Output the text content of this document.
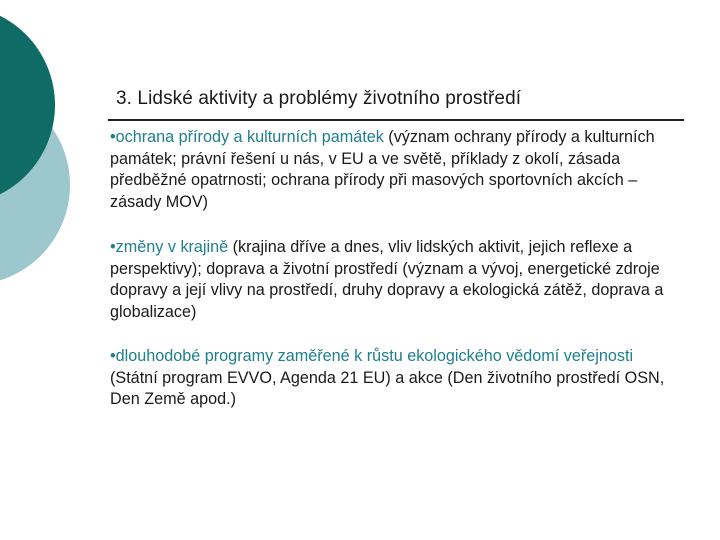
3. Lidské aktivity a problémy životního prostředí
•ochrana přírody a kulturních památek (význam ochrany přírody a kulturních památek; právní řešení u nás, v EU a ve světě, příklady z okolí, zásada předběžné opatrnosti; ochrana přírody při masových sportovních akcích – zásady MOV)
•změny v krajině (krajina dříve a dnes, vliv lidských aktivit, jejich reflexe a perspektivy); doprava a životní prostředí (význam a vývoj, energetické zdroje dopravy a její vlivy na prostředí, druhy dopravy a ekologická zátěž, doprava a globalizace)
•dlouhodobé programy zaměřené k růstu ekologického vědomí veřejnosti (Státní program EVVO, Agenda 21 EU) a akce (Den životního prostředí OSN, Den Země apod.)
